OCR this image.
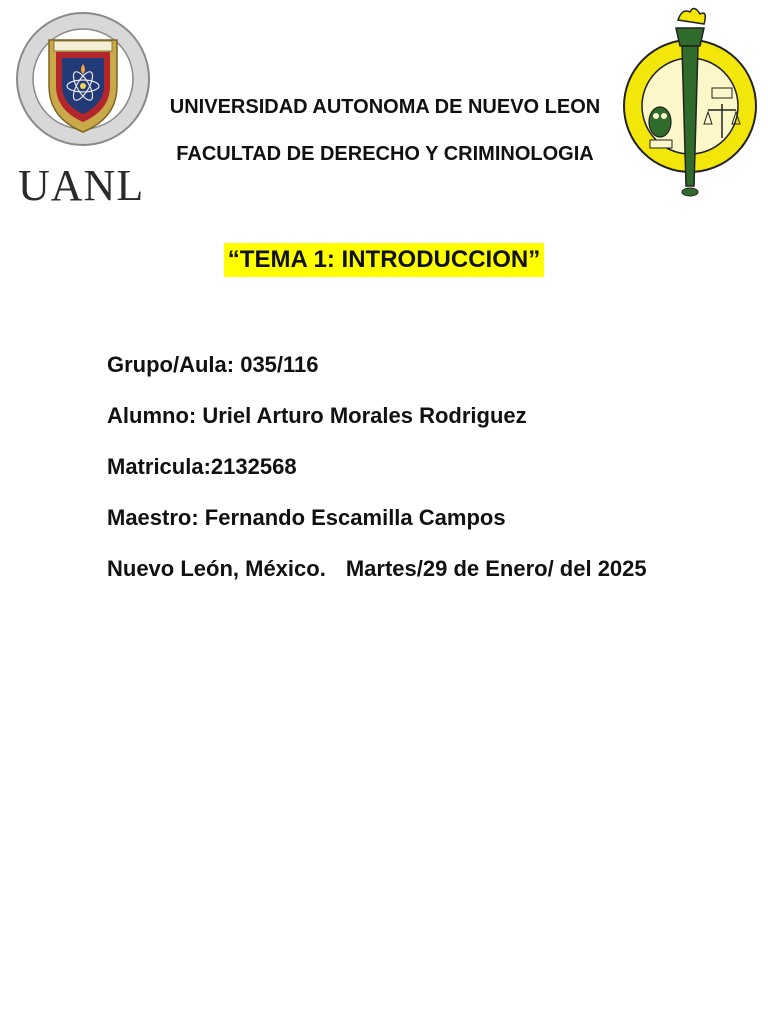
UANL
UNIVERSIDAD AUTONOMA DE NUEVO LEON
FACULTAD DE DERECHO Y CRIMINOLOGIA
“TEMA 1: INTRODUCCION”

Grupo/Aula: 035/116

Alumno: Uriel Arturo Morales Rodriguez

Matricula:2132568

Maestro: Fernando Escamilla Campos

Nuevo León, México. Martes/29 de Enero/ del 2025
